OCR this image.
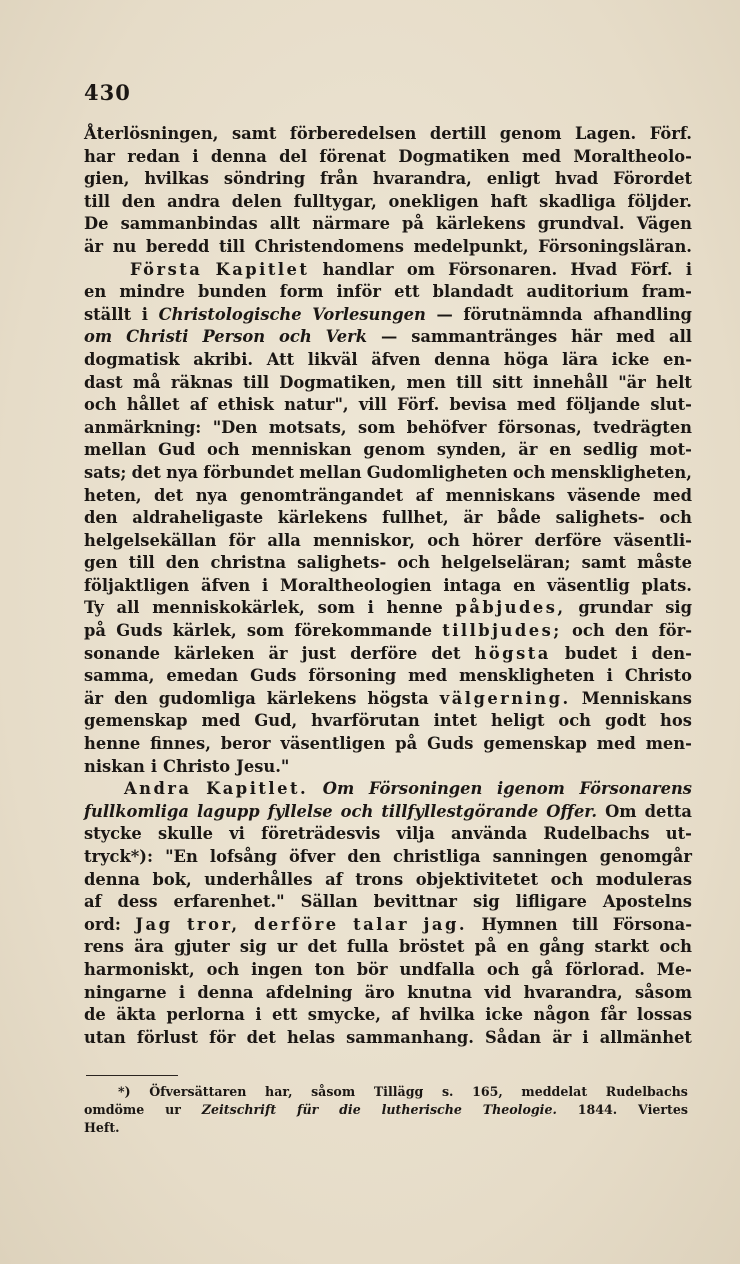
430
Återlösningen, samt förberedelsen dertill genom Lagen. Förf.
har redan i denna del förenat Dogmatiken med Moraltheolo-
gien, hvilkas söndring från hvarandra, enligt hvad Förordet
till den andra delen fulltygar, onekligen haft skadliga följder.
De sammanbindas allt närmare på kärlekens grundval. Vägen
är nu beredd till Christendomens medelpunkt, Försoningsläran.
Första Kapitlet handlar om Försonaren. Hvad Förf. i
en mindre bunden form inför ett blandadt auditorium fram-
ställt i Christologische Vorlesungen — förutnämnda afhandling
om Christi Person och Verk — sammantränges här med all
dogmatisk akribi. Att likväl äfven denna höga lära icke en-
dast må räknas till Dogmatiken, men till sitt innehåll "är helt
och hållet af ethisk natur", vill Förf. bevisa med följande slut-
anmärkning: "Den motsats, som behöfver försonas, tvedrägten
mellan Gud och menniskan genom synden, är en sedlig mot-
sats; det nya förbundet mellan Gudomligheten och menskligheten,
heten, det nya genomträngandet af menniskans väsende med
den aldraheligaste kärlekens fullhet, är både salighets- och
helgelsekällan för alla menniskor, och hörer derföre väsentli-
gen till den christna salighets- och helgelseläran; samt måste
följaktligen äfven i Moraltheologien intaga en väsentlig plats.
Ty all menniskokärlek, som i henne påbjudes, grundar sig
på Guds kärlek, som förekommande tillbjudes; och den för-
sonande kärleken är just derföre det högsta budet i den-
samma, emedan Guds försoning med menskligheten i Christo
är den gudomliga kärlekens högsta välgerning. Menniskans
gemenskap med Gud, hvarförutan intet heligt och godt hos
henne finnes, beror väsentligen på Guds gemenskap med men-
niskan i Christo Jesu."
Andra Kapitlet. Om Försoningen igenom Försonarens
fullkomliga lagupp fyllelse och tillfyllestgörande Offer. Om detta
stycke skulle vi företrädesvis vilja använda Rudelbachs ut-
tryck*): "En lofsång öfver den christliga sanningen genomgår
denna bok, underhålles af trons objektivitetet och moduleras
af dess erfarenhet." Sällan bevittnar sig lifligare Apostelns
ord: Jag tror, derföre talar jag. Hymnen till Försona-
rens ära gjuter sig ur det fulla bröstet på en gång starkt och
harmoniskt, och ingen ton bör undfalla och gå förlorad. Me-
ningarne i denna afdelning äro knutna vid hvarandra, såsom
de äkta perlorna i ett smycke, af hvilka icke någon får lossas
utan förlust för det helas sammanhang. Sådan är i allmänhet
*) Öfversättaren har, såsom Tillägg s. 165, meddelat Rudelbachs
omdöme ur Zeitschrift für die lutherische Theologie. 1844. Viertes
Heft.
